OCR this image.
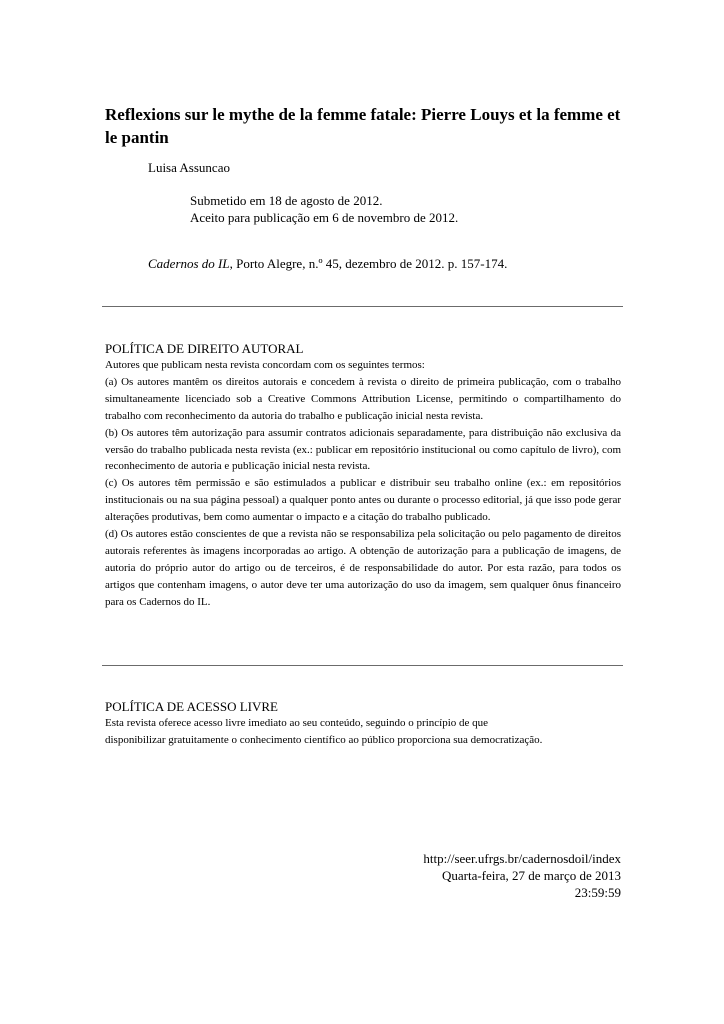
Reflexions sur le mythe de la femme fatale: Pierre Louys et la femme et le pantin
Luisa Assuncao
Submetido em 18 de agosto de 2012.
Aceito para publicação em 6 de novembro de 2012.
Cadernos do IL, Porto Alegre, n.º 45, dezembro de 2012. p. 157-174.
POLÍTICA DE DIREITO AUTORAL

Autores que publicam nesta revista concordam com os seguintes termos:

(a) Os autores mantêm os direitos autorais e concedem à revista o direito de primeira publicação, com o trabalho simultaneamente licenciado sob a Creative Commons Attribution License, permitindo o compartilhamento do trabalho com reconhecimento da autoria do trabalho e publicação inicial nesta revista.

(b) Os autores têm autorização para assumir contratos adicionais separadamente, para distribuição não exclusiva da versão do trabalho publicada nesta revista (ex.: publicar em repositório institucional ou como capítulo de livro), com reconhecimento de autoria e publicação inicial nesta revista.

(c) Os autores têm permissão e são estimulados a publicar e distribuir seu trabalho online (ex.: em repositórios institucionais ou na sua página pessoal) a qualquer ponto antes ou durante o processo editorial, já que isso pode gerar alterações produtivas, bem como aumentar o impacto e a citação do trabalho publicado.

(d) Os autores estão conscientes de que a revista não se responsabiliza pela solicitação ou pelo pagamento de direitos autorais referentes às imagens incorporadas ao artigo. A obtenção de autorização para a publicação de imagens, de autoria do próprio autor do artigo ou de terceiros, é de responsabilidade do autor. Por esta razão, para todos os artigos que contenham imagens, o autor deve ter uma autorização do uso da imagem, sem qualquer ônus financeiro para os Cadernos do IL.

POLÍTICA DE ACESSO LIVRE

Esta revista oferece acesso livre imediato ao seu conteúdo, seguindo o princípio de que disponibilizar gratuitamente o conhecimento científico ao público proporciona sua democratização.

http://seer.ufrgs.br/cadernosdoil/index
Quarta-feira, 27 de março de 2013
23:59:59
